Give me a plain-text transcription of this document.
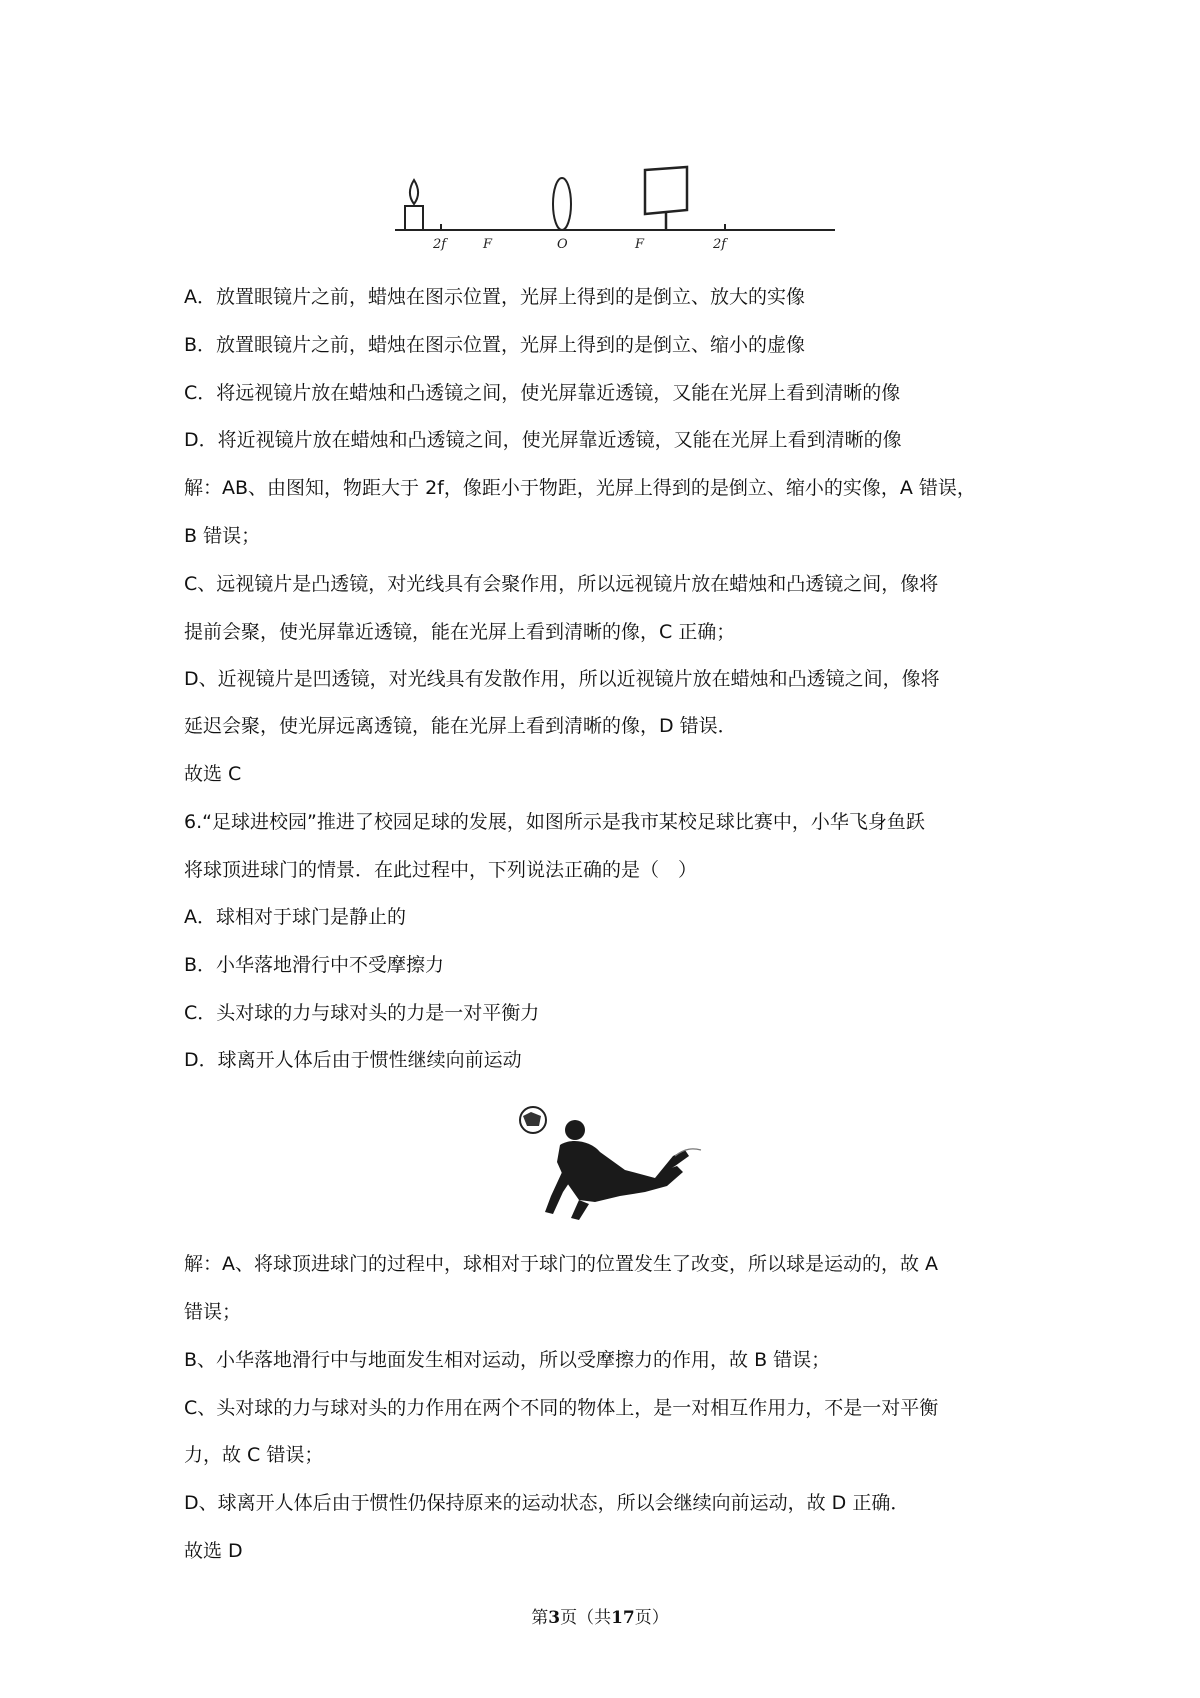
2f	F	O	F	2f
A．放置眼镜片之前，蜡烛在图示位置，光屏上得到的是倒立、放大的实像
B．放置眼镜片之前，蜡烛在图示位置，光屏上得到的是倒立、缩小的虚像
C．将远视镜片放在蜡烛和凸透镜之间，使光屏靠近透镜，又能在光屏上看到清晰的像
D．将近视镜片放在蜡烛和凸透镜之间，使光屏靠近透镜，又能在光屏上看到清晰的像
解：AB、由图知，物距大于 2f，像距小于物距，光屏上得到的是倒立、缩小的实像，A 错误，
B 错误；
C、远视镜片是凸透镜，对光线具有会聚作用，所以远视镜片放在蜡烛和凸透镜之间，像将
提前会聚，使光屏靠近透镜，能在光屏上看到清晰的像，C 正确；
D、近视镜片是凹透镜，对光线具有发散作用，所以近视镜片放在蜡烛和凸透镜之间，像将
延迟会聚，使光屏远离透镜，能在光屏上看到清晰的像，D 错误．
故选 C
6.“足球进校园”推进了校园足球的发展，如图所示是我市某校足球比赛中，小华飞身鱼跃
将球顶进球门的情景．在此过程中，下列说法正确的是（　）
A．球相对于球门是静止的
B．小华落地滑行中不受摩擦力
C．头对球的力与球对头的力是一对平衡力
D．球离开人体后由于惯性继续向前运动
解：A、将球顶进球门的过程中，球相对于球门的位置发生了改变，所以球是运动的，故 A
错误；
B、小华落地滑行中与地面发生相对运动，所以受摩擦力的作用，故 B 错误；
C、头对球的力与球对头的力作用在两个不同的物体上，是一对相互作用力，不是一对平衡
力，故 C 错误；
D、球离开人体后由于惯性仍保持原来的运动状态，所以会继续向前运动，故 D 正确．
故选 D
第3页（共17页）
